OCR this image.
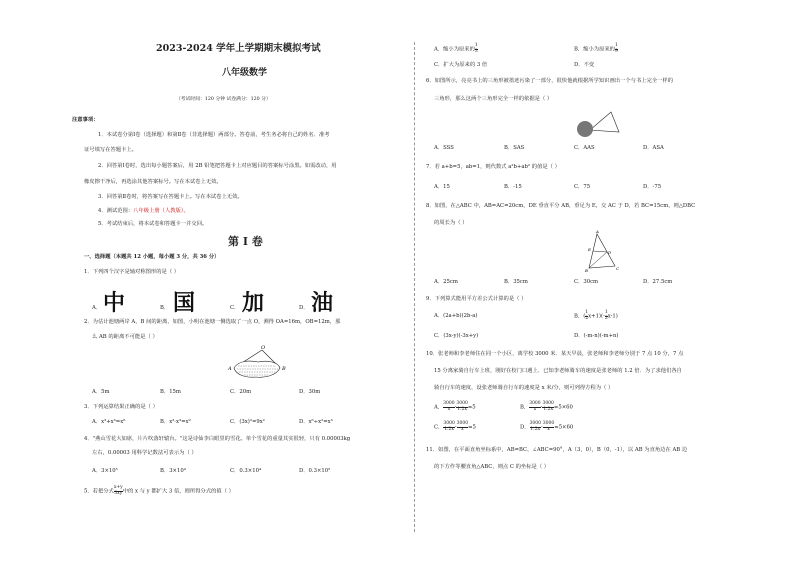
2023-2024 学年上学期期末模拟考试
八年级数学
（考试时间：120 分钟 试卷满分：120 分）
注意事项：
1．本试卷分第Ⅰ卷（选择题）和第Ⅱ卷（非选择题）两部分。答卷前，考生务必将自己的姓名、准考
证号填写在答题卡上。
2．回答第Ⅰ卷时，选出每小题答案后，用 2B 铅笔把答题卡上对应题目的答案标号涂黑。如需改动，用
橡皮擦干净后，再选涂其他答案标号。写在本试卷上无效。
3．回答第Ⅱ卷时，将答案写在答题卡上。写在本试卷上无效。
4．测试范围：八年级上册（人教版）。
5．考试结束后，将本试卷和答题卡一并交回。
第 I 卷
一、选择题（本题共 12 小题，每小题 3 分，共 36 分）
1．下列四个汉字是轴对称图形的是（ ）
中 国 加 油
A．	B．	C．	D．
2．为估计池塘两岸 A，B 间的距离，如图，小明在池塘一侧选取了一点 O，测得 OA=16m，OB=12m，那
么 AB 的距离不可能是（ ）
O
A	B
A．5m	B．15m	C．20m	D．30m
3．下列运算结果正确的是（ ）
A．x³+x³=x⁶	B．x³·x³=x⁹	C．(3x)²=9x²	D．x⁶÷x²=x³
4．"燕山雪花大如席，片片吹落轩辕台。"这是诗仙李白眼里的雪花。单个雪花的重量其实很轻，只有 0.00003kg
左右，0.00003 用科学记数法可表示为（ ）
A．3×10⁵	B．3×10⁴	C．0.3×10⁴	D．0.3×10⁵
5．若把分式 $\frac{x+y}{3xy}$ 中的 x 与 y 都扩大 3 倍，则所得分式的值（ ）
A．缩小为原来的 $\frac{1}{3}$	B．缩小为原来的 $\frac{1}{9}$
C．扩大为原来的 3 倍	D．不变
6．如图所示，亮亮书上的三角形被墨迹污染了一部分，很快他就根据所学知识画出一个与书上完全一样的
三角形，那么这两个三角形完全一样的依据是（ ）
A．SSS	B．SAS	C．AAS	D．ASA
7．若 a+b=5，ab=1，则代数式 a²b+ab² 的值是（ ）
A．15	B．-15	C．75	D．-75
8．如图，在△ABC 中，AB=AC=20cm，DE 垂直平分 AB，垂足为 E，交 AC 于 D，若 BC=15cm，则△DBC
的周长为（ ）
A
E
D
B	C
A．25cm	B．35cm	C．30cm	D．27.5cm
9．下列算式能用平方差公式计算的是（ ）
A．(2a+b)(2b-a)	B．( $\frac{1}{2} x+1)(- \frac{1}{2} x-1)$
C．(3x-y)(-3x+y)	D．(-m-n)(-m+n)
10．张老师和李老师住在同一个小区，离学校 3000 米．某天早晨，张老师和李老师分别于 7 点 10 分，7 点
15 分离家骑自行车上班，刚好在校门口遇上．已知李老师骑车的速度是张老师的 1.2 倍．为了求他们各自
骑自行车的速度，设张老师骑自行车的速度是 x 米/分，则可列得方程为（ ）
A． $\frac{3000}{x} - \frac{3000}{1.2x} =5$	B． $\frac{3000}{x} - \frac{3000}{1.2x} =5\times 60$
C． $\frac{3000}{1.2x} - \frac{3000}{x} =5$	D． $\frac{3000}{1.2x} - \frac{3000}{x} =5\times 60$
11．如图，在平面直角坐标系中，AB=BC，∠ABC=90°，A（3，0），B（0，-1），以 AB 为直角边在 AB 边
的下方作等腰直角△ABC，则点 C 的坐标是（ ）
